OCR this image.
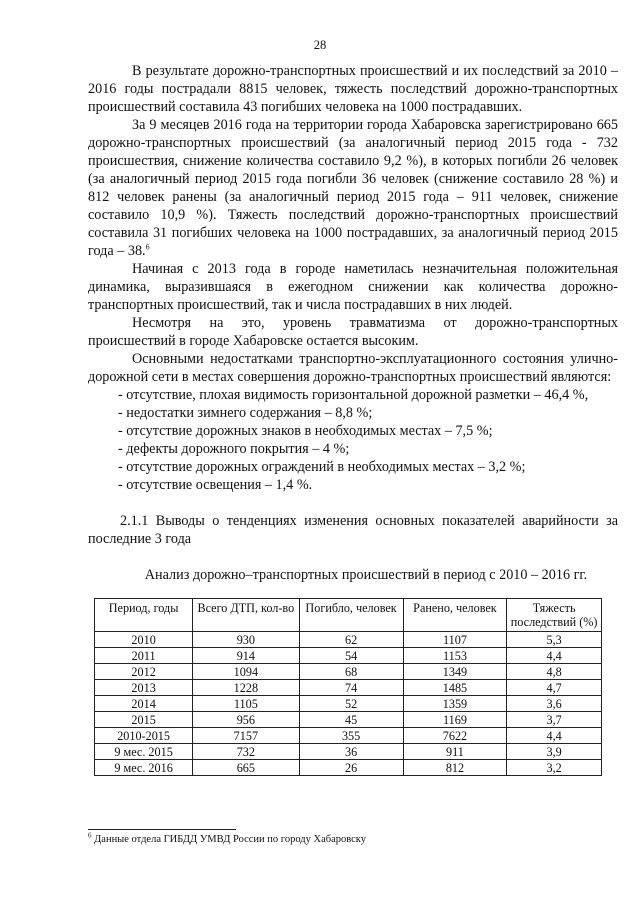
28

В результате дорожно-транспортных происшествий и их последствий за 2010 – 2016 годы пострадали 8815 человек, тяжесть последствий дорожно-транспортных происшествий составила 43 погибших человека на 1000 пострадавших.

За 9 месяцев 2016 года на территории города Хабаровска зарегистрировано 665 дорожно-транспортных происшествий (за аналогичный период 2015 года - 732 происшествия, снижение количества составило 9,2 %), в которых погибли 26 человек (за аналогичный период 2015 года погибли 36 человек (снижение составило 28 %) и 812 человек ранены (за аналогичный период 2015 года – 911 человек, снижение составило 10,9 %). Тяжесть последствий дорожно-транспортных происшествий составила 31 погибших человека на 1000 пострадавших, за аналогичный период 2015 года – 38.$^6$

Начиная с 2013 года в городе наметилась незначительная положительная динамика, выразившаяся в ежегодном снижении как количества дорожно-транспортных происшествий, так и числа пострадавших в них людей.

Несмотря на это, уровень травматизма от дорожно-транспортных происшествий в городе Хабаровске остается высоким.

Основными недостатками транспортно-эксплуатационного состояния улично-дорожной сети в местах совершения дорожно-транспортных происшествий являются:

- отсутствие, плохая видимость горизонтальной дорожной разметки – 46,4 %,
- недостатки зимнего содержания – 8,8 %;
- отсутствие дорожных знаков в необходимых местах – 7,5 %;
- дефекты дорожного покрытия – 4 %;
- отсутствие дорожных ограждений в необходимых местах – 3,2 %;
- отсутствие освещения – 1,4 %.

2.1.1 Выводы о тенденциях изменения основных показателей аварийности за последние 3 года

Анализ дорожно–транспортных происшествий в период с 2010 – 2016 гг.

Период, годы	Всего ДТП, кол-во	Погибло, человек	Ранено, человек	Тяжесть последствий (%)
2010	930	62	1107	5,3
2011	914	54	1153	4,4
2012	1094	68	1349	4,8
2013	1228	74	1485	4,7
2014	1105	52	1359	3,6
2015	956	45	1169	3,7
2010-2015	7157	355	7622	4,4
9 мес. 2015	732	36	911	3,9
9 мес. 2016	665	26	812	3,2
$^6$ Данные отдела ГИБДД УМВД России по городу Хабаровску
